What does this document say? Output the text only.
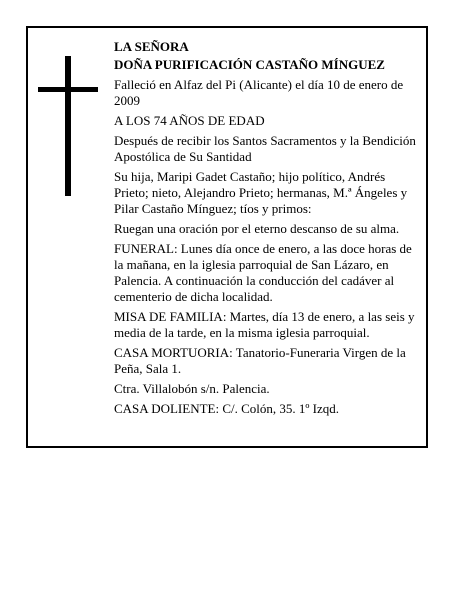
LA SEÑORA

DOÑA PURIFICACIÓN CASTAÑO MÍNGUEZ

Falleció en Alfaz del Pi (Alicante) el día 10 de enero de 2009

A LOS 74 AÑOS DE EDAD

Después de recibir los Santos Sacramentos y la Bendición Apostólica de Su Santidad

Su hija, Maripi Gadet Castaño; hijo político, Andrés Prieto; nieto, Alejandro Prieto; hermanas, M.ª Ángeles y Pilar Castaño Mínguez; tíos y primos:

Ruegan una oración por el eterno descanso de su alma.

FUNERAL: Lunes día once de enero, a las doce horas de la mañana, en la iglesia parroquial de San Lázaro, en Palencia. A continuación la conducción del cadáver al cementerio de dicha localidad.

MISA DE FAMILIA: Martes, día 13 de enero, a las seis y media de la tarde, en la misma iglesia parroquial.

CASA MORTUORIA: Tanatorio-Funeraria Virgen de la Peña, Sala 1.

Ctra. Villalobón s/n. Palencia.

CASA DOLIENTE: C/. Colón, 35. 1º Izqd.
